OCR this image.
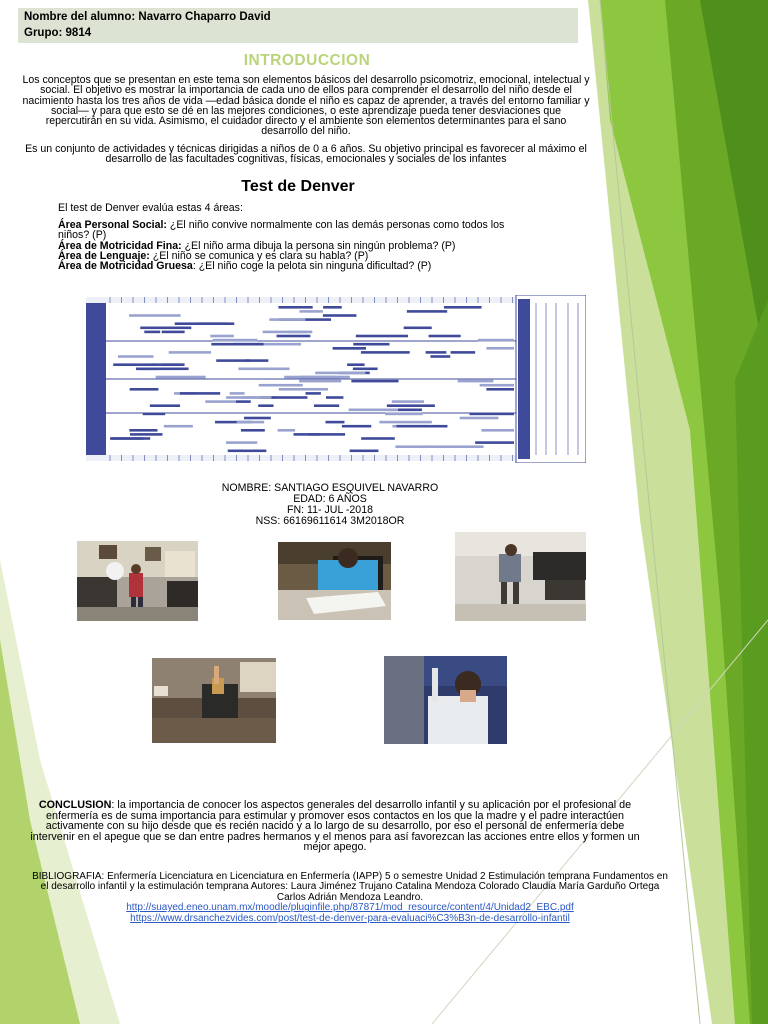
Nombre del alumno: Navarro Chaparro David
Grupo: 9814
INTRODUCCION
Los conceptos que se presentan en este tema son elementos básicos del desarrollo psicomotriz, emocional, intelectual y social. El objetivo es mostrar la importancia de cada uno de ellos para comprender el desarrollo del niño desde el nacimiento hasta los tres años de vida —edad básica donde el niño es capaz de aprender, a través del entorno familiar y social— y para que esto se dé en las mejores condiciones, o este aprendizaje pueda tener desviaciones que repercutirán en su vida. Asimismo, el cuidador directo y el ambiente son elementos determinantes para el sano desarrollo del niño.
Es un conjunto de actividades y técnicas dirigidas a niños de 0 a 6 años. Su objetivo principal es favorecer al máximo el desarrollo de las facultades cognitivas, físicas, emocionales y sociales de los infantes
Test de Denver
El test de Denver evalúa estas 4 áreas:
Área Personal Social: ¿El niño convive normalmente con las demás personas como todos los niños? (P)
Área de Motricidad Fina: ¿El niño arma dibuja la persona sin ningún problema? (P)
Área de Lenguaje: ¿El niño se comunica y es clara su habla? (P)
Área de Motricidad Gruesa: ¿El niño coge la pelota sin ninguna dificultad? (P)
NOMBRE: SANTIAGO ESQUIVEL NAVARRO
EDAD: 6 AÑOS
FN: 11- JUL -2018
NSS: 66169611614 3M2018OR
CONCLUSION: la importancia de conocer los aspectos generales del desarrollo infantil y su aplicación por el profesional de enfermería es de suma importancia para estimular y promover esos contactos en los que la madre y el padre interactúen activamente con su hijo desde que es recién nacido y a lo largo de su desarrollo, por eso el personal de enfermería debe intervenir en el apegue que se dan entre padres hermanos y el menos para así favorezcan las acciones entre ellos y formen un mejor apego.
BIBLIOGRAFIA: Enfermería Licenciatura en Licenciatura en Enfermería (IAPP) 5 o semestre Unidad 2 Estimulación temprana Fundamentos en el desarrollo infantil y la estimulación temprana Autores: Laura Jiménez Trujano Catalina Mendoza Colorado Claudia María Garduño Ortega Carlos Adrián Mendoza Leandro.
http://suayed.eneo.unam.mx/moodle/pluginfile.php/87871/mod_resource/content/4/Unidad2_EBC.pdf
https://www.drsanchezvides.com/post/test-de-denver-para-evaluaci%C3%B3n-de-desarrollo-infantil
